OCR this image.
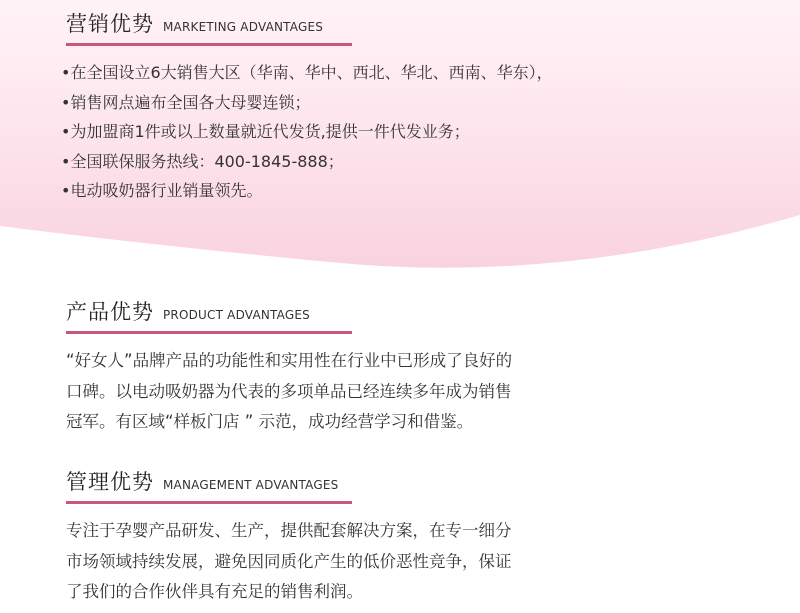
营销优势 MARKETING ADVANTAGES
•在全国设立6大销售大区（华南、华中、西北、华北、西南、华东），
•销售网点遍布全国各大母婴连锁；
•为加盟商1件或以上数量就近代发货,提供一件代发业务；
•全国联保服务热线：400-1845-888；
•电动吸奶器行业销量领先。
产品优势 PRODUCT ADVANTAGES
“好女人”品牌产品的功能性和实用性在行业中已形成了良好的
口碑。以电动吸奶器为代表的多项单品已经连续多年成为销售
冠军。有区域“样板门店 ” 示范，成功经营学习和借鉴。
管理优势 MANAGEMENT ADVANTAGES
专注于孕婴产品研发、生产，提供配套解决方案，在专一细分
市场领域持续发展，避免因同质化产生的低价恶性竞争，保证
了我们的合作伙伴具有充足的销售利润。
